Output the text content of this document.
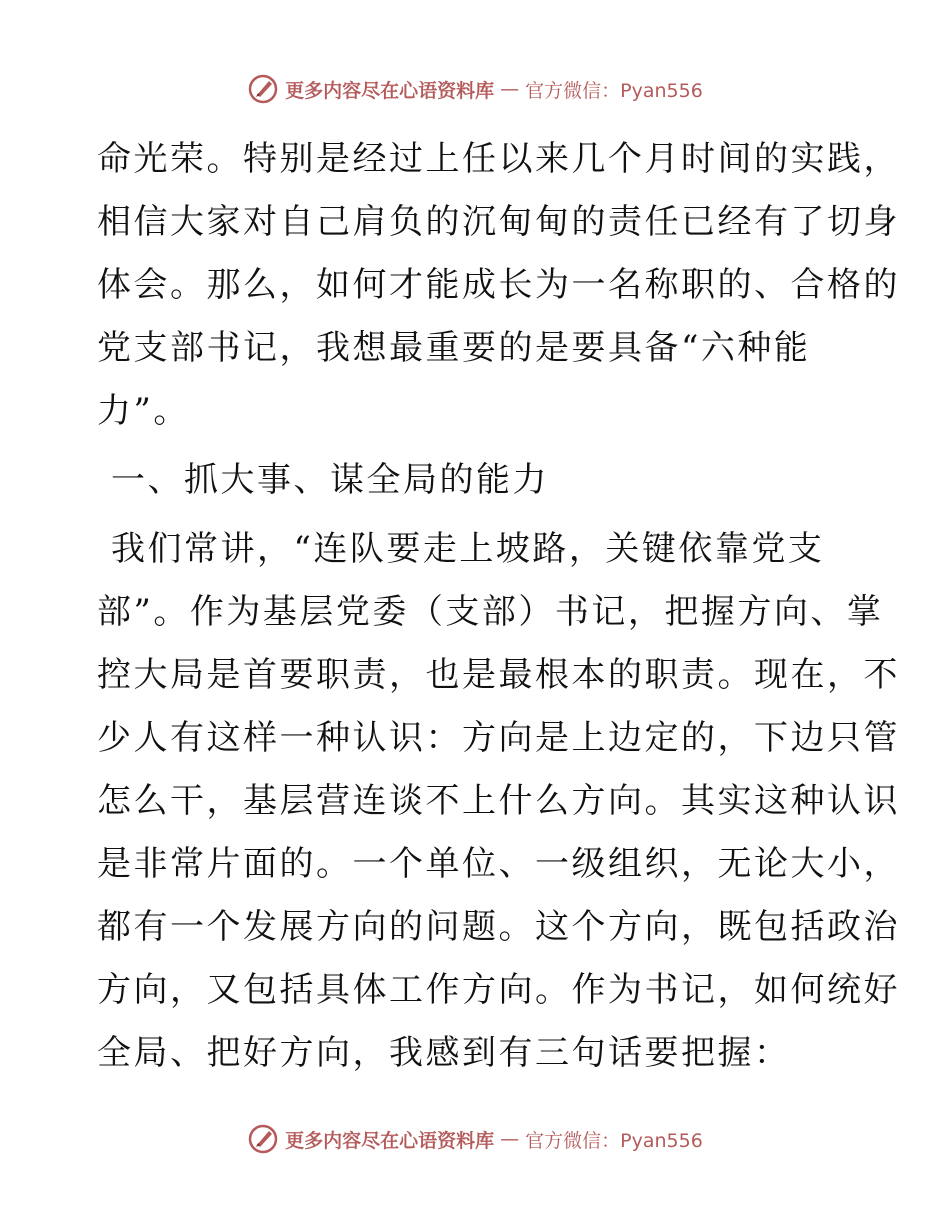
更多内容尽在心语资料库 — 官方微信：Pyan556
命光荣。特别是经过上任以来几个月时间的实践，
相信大家对自己肩负的沉甸甸的责任已经有了切身
体会。那么，如何才能成长为一名称职的、合格的
党支部书记，我想最重要的是要具备“六种能
力”。
一、抓大事、谋全局的能力
我们常讲，“连队要走上坡路，关键依靠党支
部”。作为基层党委（支部）书记，把握方向、掌
控大局是首要职责，也是最根本的职责。现在，不
少人有这样一种认识：方向是上边定的，下边只管
怎么干，基层营连谈不上什么方向。其实这种认识
是非常片面的。一个单位、一级组织，无论大小，
都有一个发展方向的问题。这个方向，既包括政治
方向，又包括具体工作方向。作为书记，如何统好
全局、把好方向，我感到有三句话要把握：
更多内容尽在心语资料库 — 官方微信：Pyan556
